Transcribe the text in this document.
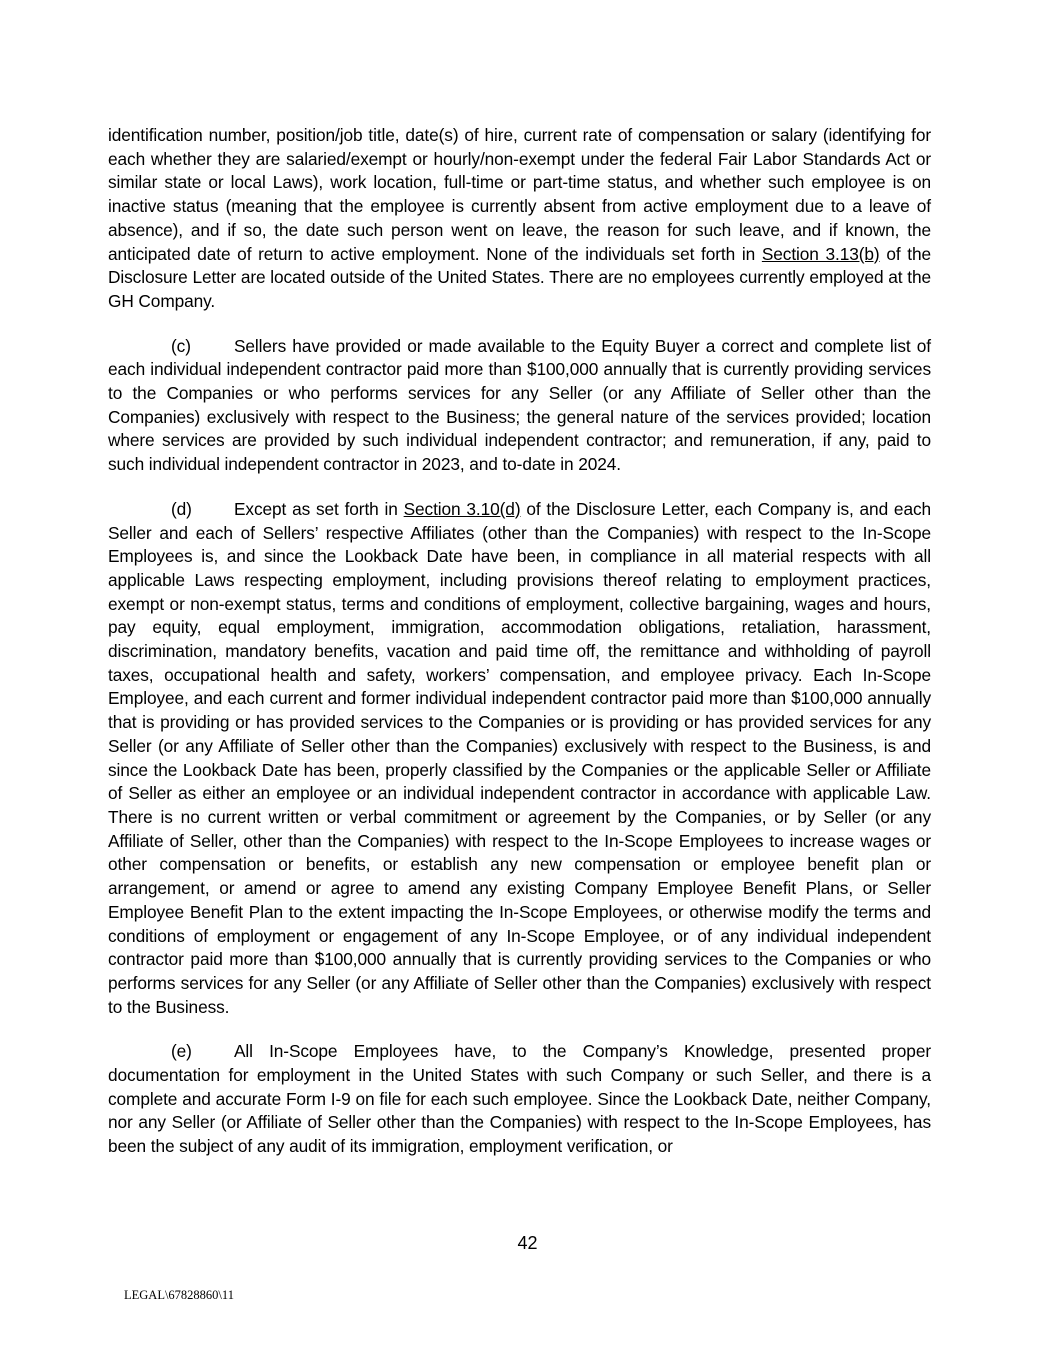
identification number, position/job title, date(s) of hire, current rate of compensation or salary (identifying for each whether they are salaried/exempt or hourly/non-exempt under the federal Fair Labor Standards Act or similar state or local Laws), work location, full-time or part-time status, and whether such employee is on inactive status (meaning that the employee is currently absent from active employment due to a leave of absence), and if so, the date such person went on leave, the reason for such leave, and if known, the anticipated date of return to active employment. None of the individuals set forth in Section 3.13(b) of the Disclosure Letter are located outside of the United States. There are no employees currently employed at the GH Company.

(c) Sellers have provided or made available to the Equity Buyer a correct and complete list of each individual independent contractor paid more than $100,000 annually that is currently providing services to the Companies or who performs services for any Seller (or any Affiliate of Seller other than the Companies) exclusively with respect to the Business; the general nature of the services provided; location where services are provided by such individual independent contractor; and remuneration, if any, paid to such individual independent contractor in 2023, and to-date in 2024.

(d) Except as set forth in Section 3.10(d) of the Disclosure Letter, each Company is, and each Seller and each of Sellers’ respective Affiliates (other than the Companies) with respect to the In-Scope Employees is, and since the Lookback Date have been, in compliance in all material respects with all applicable Laws respecting employment, including provisions thereof relating to employment practices, exempt or non-exempt status, terms and conditions of employment, collective bargaining, wages and hours, pay equity, equal employment, immigration, accommodation obligations, retaliation, harassment, discrimination, mandatory benefits, vacation and paid time off, the remittance and withholding of payroll taxes, occupational health and safety, workers’ compensation, and employee privacy. Each In-Scope Employee, and each current and former individual independent contractor paid more than $100,000 annually that is providing or has provided services to the Companies or is providing or has provided services for any Seller (or any Affiliate of Seller other than the Companies) exclusively with respect to the Business, is and since the Lookback Date has been, properly classified by the Companies or the applicable Seller or Affiliate of Seller as either an employee or an individual independent contractor in accordance with applicable Law. There is no current written or verbal commitment or agreement by the Companies, or by Seller (or any Affiliate of Seller, other than the Companies) with respect to the In-Scope Employees to increase wages or other compensation or benefits, or establish any new compensation or employee benefit plan or arrangement, or amend or agree to amend any existing Company Employee Benefit Plans, or Seller Employee Benefit Plan to the extent impacting the In-Scope Employees, or otherwise modify the terms and conditions of employment or engagement of any In-Scope Employee, or of any individual independent contractor paid more than $100,000 annually that is currently providing services to the Companies or who performs services for any Seller (or any Affiliate of Seller other than the Companies) exclusively with respect to the Business.

(e) All In-Scope Employees have, to the Company’s Knowledge, presented proper documentation for employment in the United States with such Company or such Seller, and there is a complete and accurate Form I-9 on file for each such employee. Since the Lookback Date, neither Company, nor any Seller (or Affiliate of Seller other than the Companies) with respect to the In-Scope Employees, has been the subject of any audit of its immigration, employment verification, or

42
LEGAL\67828860\11
